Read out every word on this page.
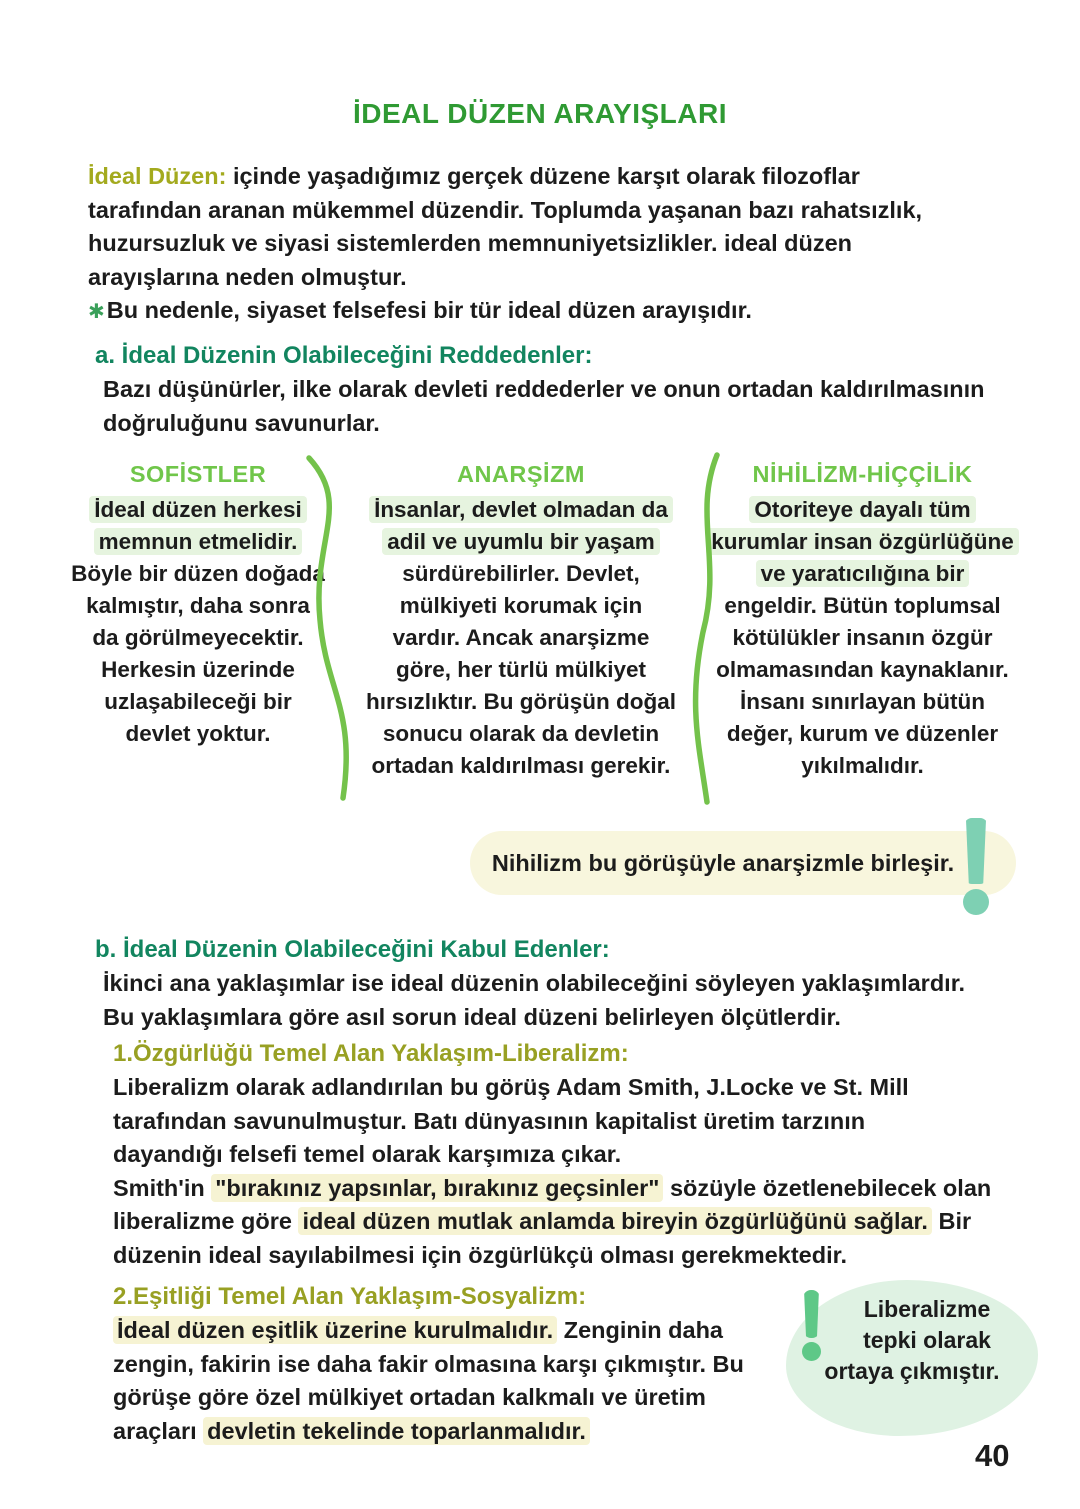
İDEAL DÜZEN ARAYIŞLARI
İdeal Düzen: içinde yaşadığımız gerçek düzene karşıt olarak filozoflar
tarafından aranan mükemmel düzendir. Toplumda yaşanan bazı rahatsızlık,
huzursuzluk ve siyasi sistemlerden memnuniyetsizlikler. ideal düzen
arayışlarına neden olmuştur.
✱Bu nedenle, siyaset felsefesi bir tür ideal düzen arayışıdır.
a. İdeal Düzenin Olabileceğini Reddedenler:
Bazı düşünürler, ilke olarak devleti reddederler ve onun ortadan kaldırılmasının
doğruluğunu savunurlar.
SOFİSTLER
İdeal düzen herkesi
memnun etmelidir.
Böyle bir düzen doğada
kalmıştır, daha sonra
da görülmeyecektir.
Herkesin üzerinde
uzlaşabileceği bir
devlet yoktur.
ANARŞİZM
İnsanlar, devlet olmadan da
adil ve uyumlu bir yaşam
sürdürebilirler. Devlet,
mülkiyeti korumak için
vardır. Ancak anarşizme
göre, her türlü mülkiyet
hırsızlıktır. Bu görüşün doğal
sonucu olarak da devletin
ortadan kaldırılması gerekir.
NİHİLİZM-HİÇÇİLİK
Otoriteye dayalı tüm
kurumlar insan özgürlüğüne
ve yaratıcılığına bir
engeldir. Bütün toplumsal
kötülükler insanın özgür
olmamasından kaynaklanır.
İnsanı sınırlayan bütün
değer, kurum ve düzenler
yıkılmalıdır.
Nihilizm bu görüşüyle anarşizmle birleşir.
b. İdeal Düzenin Olabileceğini Kabul Edenler:
İkinci ana yaklaşımlar ise ideal düzenin olabileceğini söyleyen yaklaşımlardır.
Bu yaklaşımlara göre asıl sorun ideal düzeni belirleyen ölçütlerdir.
1.Özgürlüğü Temel Alan Yaklaşım-Liberalizm:
Liberalizm olarak adlandırılan bu görüş Adam Smith, J.Locke ve St. Mill
tarafından savunulmuştur. Batı dünyasının kapitalist üretim tarzının
dayandığı felsefi temel olarak karşımıza çıkar.
Smith'in "bırakınız yapsınlar, bırakınız geçsinler" sözüyle özetlenebilecek olan
liberalizme göre ideal düzen mutlak anlamda bireyin özgürlüğünü sağlar. Bir
düzenin ideal sayılabilmesi için özgürlükçü olması gerekmektedir.
2.Eşitliği Temel Alan Yaklaşım-Sosyalizm:
İdeal düzen eşitlik üzerine kurulmalıdır. Zenginin daha
zengin, fakirin ise daha fakir olmasına karşı çıkmıştır. Bu
görüşe göre özel mülkiyet ortadan kalkmalı ve üretim
araçları devletin tekelinde toparlanmalıdır.
Liberalizme
tepki olarak
ortaya çıkmıştır.
40
